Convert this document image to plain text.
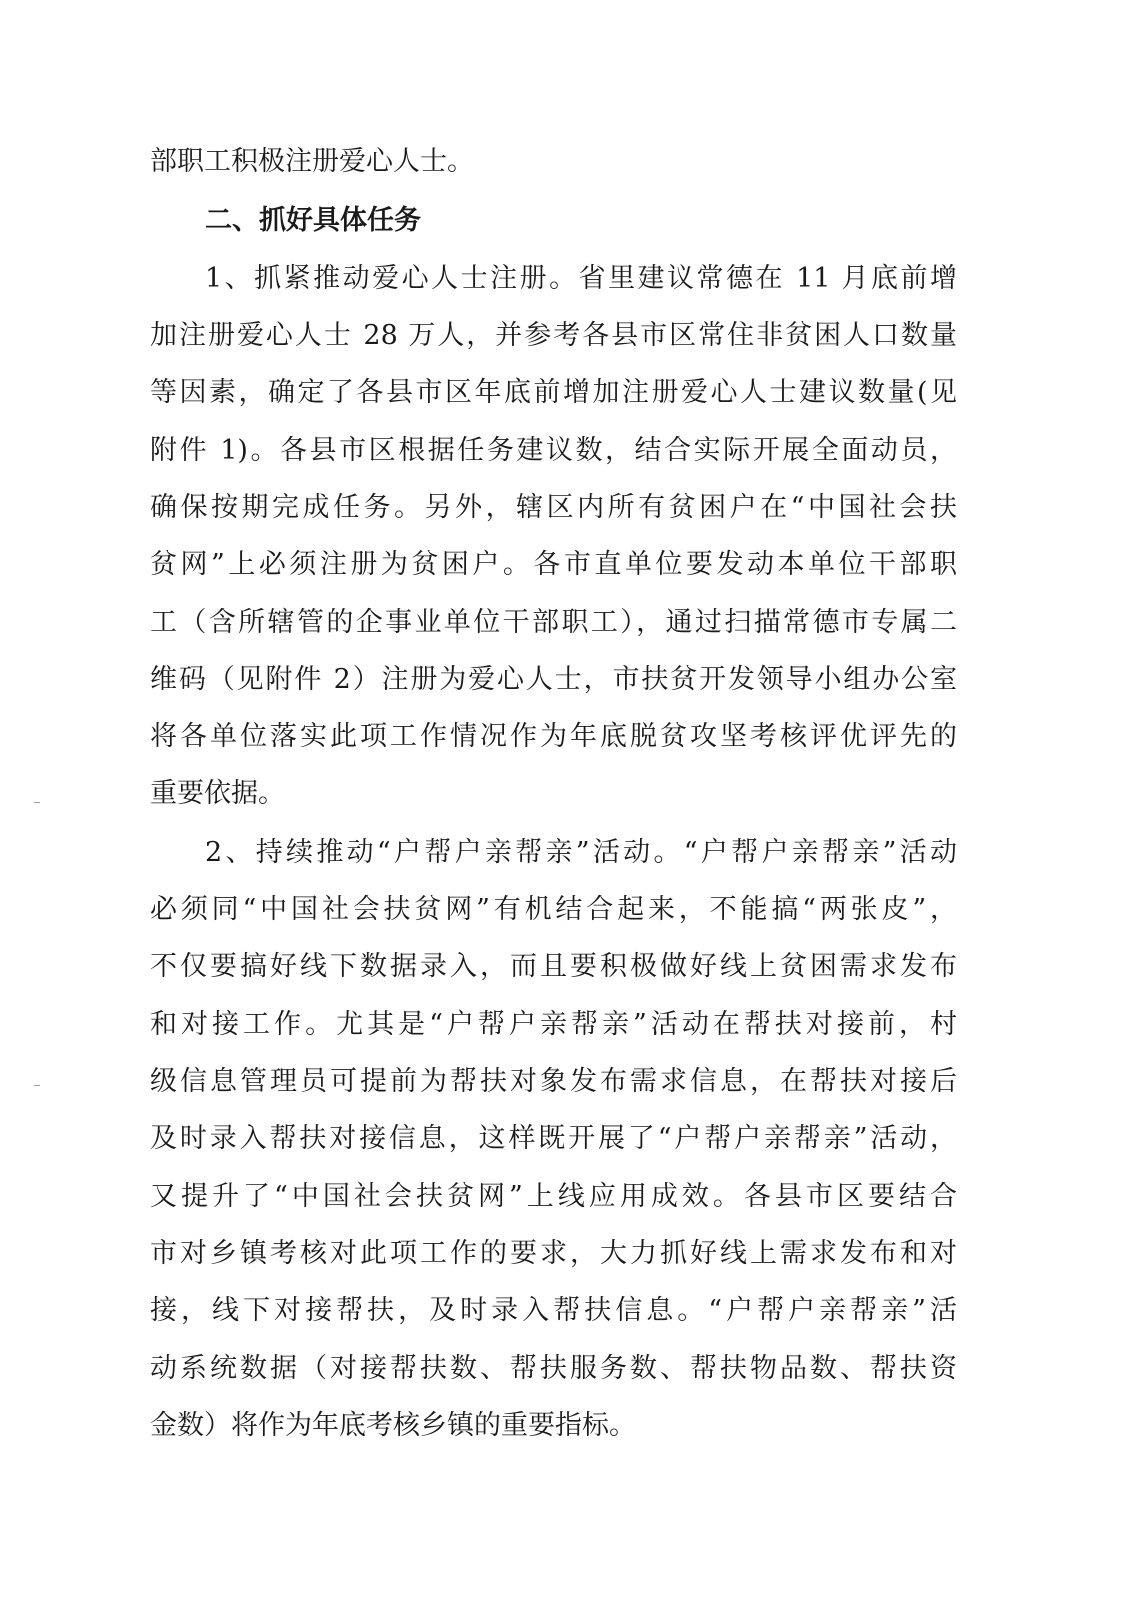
部职工积极注册爱心人士。
二、抓好具体任务
1、抓紧推动爱心人士注册。省里建议常德在 11 月底前增
加注册爱心人士 28 万人，并参考各县市区常住非贫困人口数量
等因素，确定了各县市区年底前增加注册爱心人士建议数量(见
附件 1)。各县市区根据任务建议数，结合实际开展全面动员，
确保按期完成任务。另外，辖区内所有贫困户在“中国社会扶
贫网”上必须注册为贫困户。各市直单位要发动本单位干部职
工（含所辖管的企事业单位干部职工），通过扫描常德市专属二
维码（见附件 2）注册为爱心人士，市扶贫开发领导小组办公室
将各单位落实此项工作情况作为年底脱贫攻坚考核评优评先的
重要依据。
2、持续推动“户帮户亲帮亲”活动。“户帮户亲帮亲”活动
必须同“中国社会扶贫网”有机结合起来，不能搞“两张皮”，
不仅要搞好线下数据录入，而且要积极做好线上贫困需求发布
和对接工作。尤其是“户帮户亲帮亲”活动在帮扶对接前，村
级信息管理员可提前为帮扶对象发布需求信息，在帮扶对接后
及时录入帮扶对接信息，这样既开展了“户帮户亲帮亲”活动，
又提升了“中国社会扶贫网”上线应用成效。各县市区要结合
市对乡镇考核对此项工作的要求，大力抓好线上需求发布和对
接，线下对接帮扶，及时录入帮扶信息。“户帮户亲帮亲”活
动系统数据（对接帮扶数、帮扶服务数、帮扶物品数、帮扶资
金数）将作为年底考核乡镇的重要指标。
